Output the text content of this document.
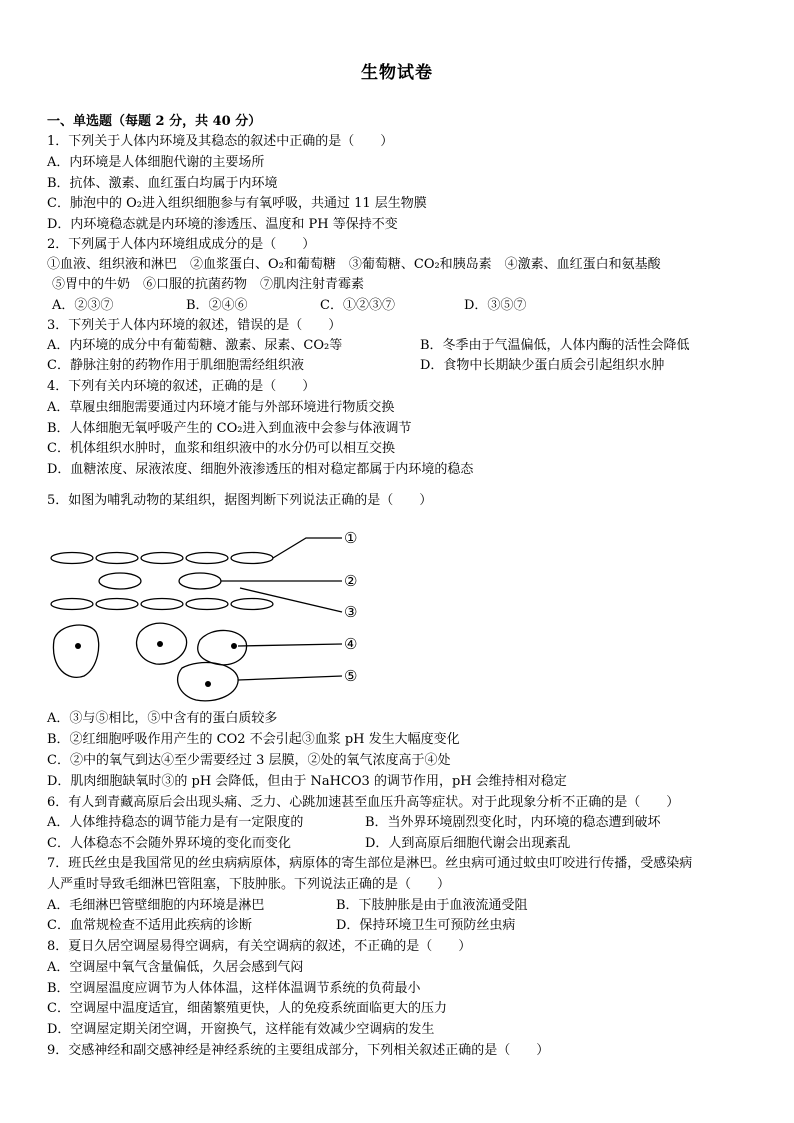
生物试卷
一、单选题（每题 2 分，共 40 分）
1．下列关于人体内环境及其稳态的叙述中正确的是（　　）
A．内环境是人体细胞代谢的主要场所
B．抗体、激素、血红蛋白均属于内环境
C．肺泡中的 O₂进入组织细胞参与有氧呼吸，共通过 11 层生物膜
D．内环境稳态就是内环境的渗透压、温度和 PH 等保持不变
2．下列属于人体内环境组成成分的是（　　）
①血液、组织液和淋巴　②血浆蛋白、O₂和葡萄糖　③葡萄糖、CO₂和胰岛素　④激素、血红蛋白和氨基酸
⑤胃中的牛奶　⑥口服的抗菌药物　⑦肌肉注射青霉素
A．②③⑦	B．②④⑥	C．①②③⑦	D．③⑤⑦
3．下列关于人体内环境的叙述，错误的是（　　）
A．内环境的成分中有葡萄糖、激素、尿素、CO₂等	B．冬季由于气温偏低，人体内酶的活性会降低
C．静脉注射的药物作用于肌细胞需经组织液	D．食物中长期缺少蛋白质会引起组织水肿
4．下列有关内环境的叙述，正确的是（　　）
A．草履虫细胞需要通过内环境才能与外部环境进行物质交换
B．人体细胞无氧呼吸产生的 CO₂进入到血液中会参与体液调节
C．机体组织水肿时，血浆和组织液中的水分仍可以相互交换
D．血糖浓度、尿液浓度、细胞外液渗透压的相对稳定都属于内环境的稳态
5．如图为哺乳动物的某组织，据图判断下列说法正确的是（　　）
①
②
③
④
⑤
A．③与⑤相比，⑤中含有的蛋白质较多
B．②红细胞呼吸作用产生的 CO2 不会引起③血浆 pH 发生大幅度变化
C．②中的氧气到达④至少需要经过 3 层膜，②处的氧气浓度高于④处
D．肌肉细胞缺氧时③的 pH 会降低，但由于 NaHCO3 的调节作用，pH 会维持相对稳定
6．有人到青藏高原后会出现头痛、乏力、心跳加速甚至血压升高等症状。对于此现象分析不正确的是（　　）
A．人体维持稳态的调节能力是有一定限度的	B．当外界环境剧烈变化时，内环境的稳态遭到破坏
C．人体稳态不会随外界环境的变化而变化	D．人到高原后细胞代谢会出现紊乱
7．班氏丝虫是我国常见的丝虫病病原体，病原体的寄生部位是淋巴。丝虫病可通过蚊虫叮咬进行传播，受感染病
人严重时导致毛细淋巴管阻塞，下肢肿胀。下列说法正确的是（　　）
A．毛细淋巴管壁细胞的内环境是淋巴	B．下肢肿胀是由于血液流通受阻
C．血常规检查不适用此疾病的诊断	D．保持环境卫生可预防丝虫病
8．夏日久居空调屋易得空调病，有关空调病的叙述，不正确的是（　　）
A．空调屋中氧气含量偏低，久居会感到气闷
B．空调屋温度应调节为人体体温，这样体温调节系统的负荷最小
C．空调屋中温度适宜，细菌繁殖更快，人的免疫系统面临更大的压力
D．空调屋定期关闭空调，开窗换气，这样能有效减少空调病的发生
9．交感神经和副交感神经是神经系统的主要组成部分，下列相关叙述正确的是（　　）
